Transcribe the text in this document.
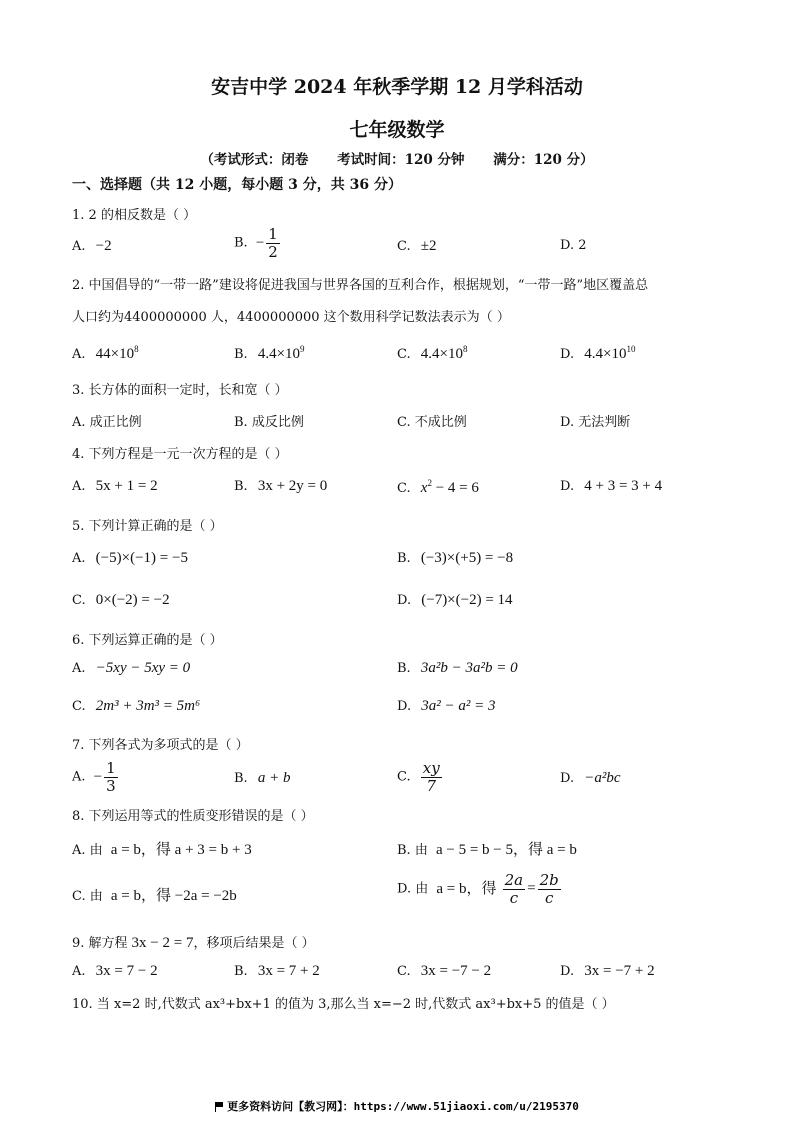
安吉中学 2024 年秋季学期 12 月学科活动
七年级数学
（考试形式：闭卷 考试时间：120 分钟 满分：120 分）
一、选择题（共 12 小题，每小题 3 分，共 36 分）
1. 2 的相反数是（ ）
A. −2	B. − $\frac{1}{2}$	C. ±2	D. 2
2. 中国倡导的“一带一路”建设将促进我国与世界各国的互利合作，根据规划，“一带一路”地区覆盖总
人口约为4400000000 人，4400000000 这个数用科学记数法表示为（ ）
A. $44\times 10^8$	B. $4.4\times 10^9$	C. $4.4\times 10^8$	D. $4.4\times 10^{10}$
3. 长方体的面积一定时，长和宽（ ）
A. 成正比例	B. 成反比例	C. 不成比例	D. 无法判断
4. 下列方程是一元一次方程的是（ ）
A. 5x + 1 = 2	B. 3x + 2y = 0	C. $x^2 - 4 = 6$	D. 4 + 3 = 3 + 4
5. 下列计算正确的是（ ）
A. (−5)×(−1) = −5	B. (−3)×(+5) = −8
C. 0×(−2) = −2	D. (−7)×(−2) = 14
6. 下列运算正确的是（ ）
A. −5xy − 5xy = 0	B. 3a²b − 3a²b = 0
C. 2m³ + 3m³ = 5m⁶	D. 3a² − a² = 3
7. 下列各式为多项式的是（ ）
A. − $\frac{1}{3}$	B. a + b	C. $\frac{xy}{7}$	D. −a²bc
8. 下列运用等式的性质变形错误的是（ ）
A. 由 a = b，得 a + 3 = b + 3	B. 由 a − 5 = b − 5，得 a = b
C. 由 a = b，得 −2a = −2b	D. 由 a = b，得 $\frac{2a}{c} = \frac{2b}{c}$
9. 解方程 3x − 2 = 7，移项后结果是（ ）
A. 3x = 7 − 2	B. 3x = 7 + 2	C. 3x = −7 − 2	D. 3x = −7 + 2
10. 当 x=2 时,代数式 ax³+bx+1 的值为 3,那么当 x=−2 时,代数式 ax³+bx+5 的值是（ ）
更多资料访问【教习网】：https://www.51jiaoxi.com/u/2195370
